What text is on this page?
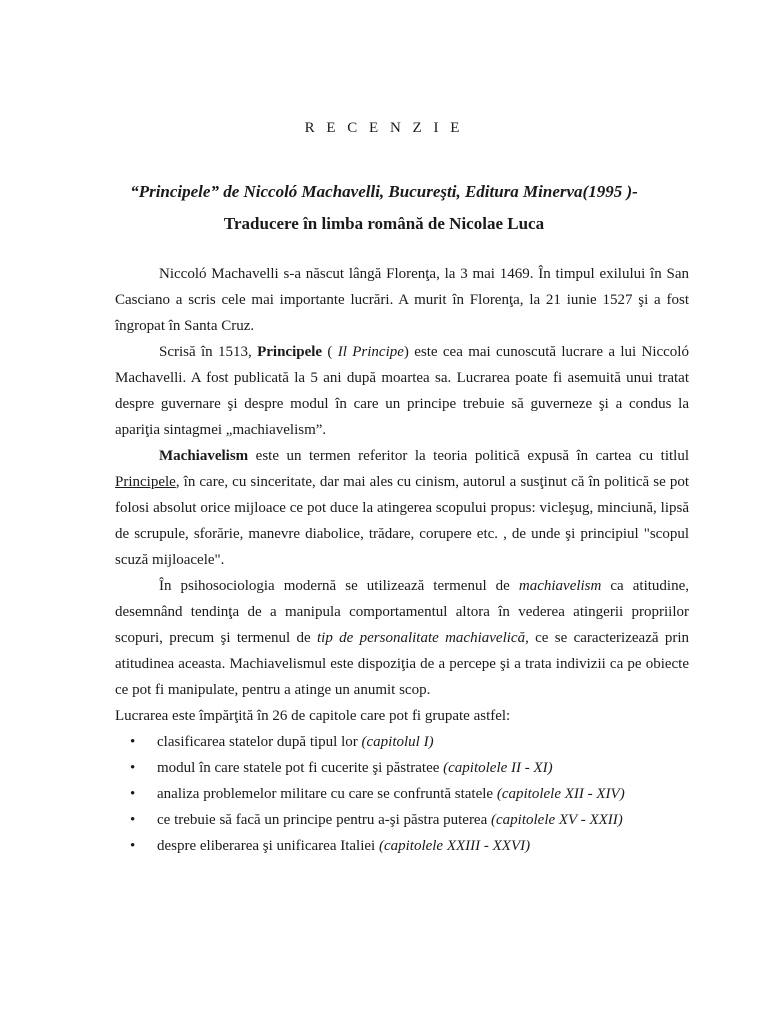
R E C E N Z I E
“Principele” de Niccoló Machavelli, Bucureşti, Editura Minerva(1995 )-
Traducere în limba română de Nicolae Luca

Niccoló Machavelli s-a născut lângă Florenţa, la 3 mai 1469. În timpul exilului în San Casciano a scris cele mai importante lucrări. A murit în Florenţa, la 21 iunie 1527 şi a fost îngropat în Santa Cruz.

Scrisă în 1513, Principele ( Il Principe) este cea mai cunoscută lucrare a lui Niccoló Machavelli. A fost publicată la 5 ani după moartea sa. Lucrarea poate fi asemuită unui tratat despre guvernare şi despre modul în care un principe trebuie să guverneze şi a condus la apariţia sintagmei „machiavelism”.

Machiavelism este un termen referitor la teoria politică expusă în cartea cu titlul Principele, în care, cu sinceritate, dar mai ales cu cinism, autorul a susţinut că în politică se pot folosi absolut orice mijloace ce pot duce la atingerea scopului propus: vicleşug, minciună, lipsă de scrupule, sforărie, manevre diabolice, trădare, corupere etc. , de unde şi principiul "scopul scuză mijloacele".

În psihosociologia modernă se utilizează termenul de machiavelism ca atitudine, desemnând tendinţa de a manipula comportamentul altora în vederea atingerii propriilor scopuri, precum şi termenul de tip de personalitate machiavelică, ce se caracterizează prin atitudinea aceasta. Machiavelismul este dispoziţia de a percepe şi a trata indivizii ca pe obiecte ce pot fi manipulate, pentru a atinge un anumit scop.

Lucrarea este împărţită în 26 de capitole care pot fi grupate astfel:

• clasificarea statelor după tipul lor (capitolul I)
• modul în care statele pot fi cucerite şi păstratee (capitolele II - XI)
• analiza problemelor militare cu care se confruntă statele (capitolele XII - XIV)
• ce trebuie să facă un principe pentru a-şi păstra puterea (capitolele XV - XXII)
• despre eliberarea şi unificarea Italiei (capitolele XXIII - XXVI)
